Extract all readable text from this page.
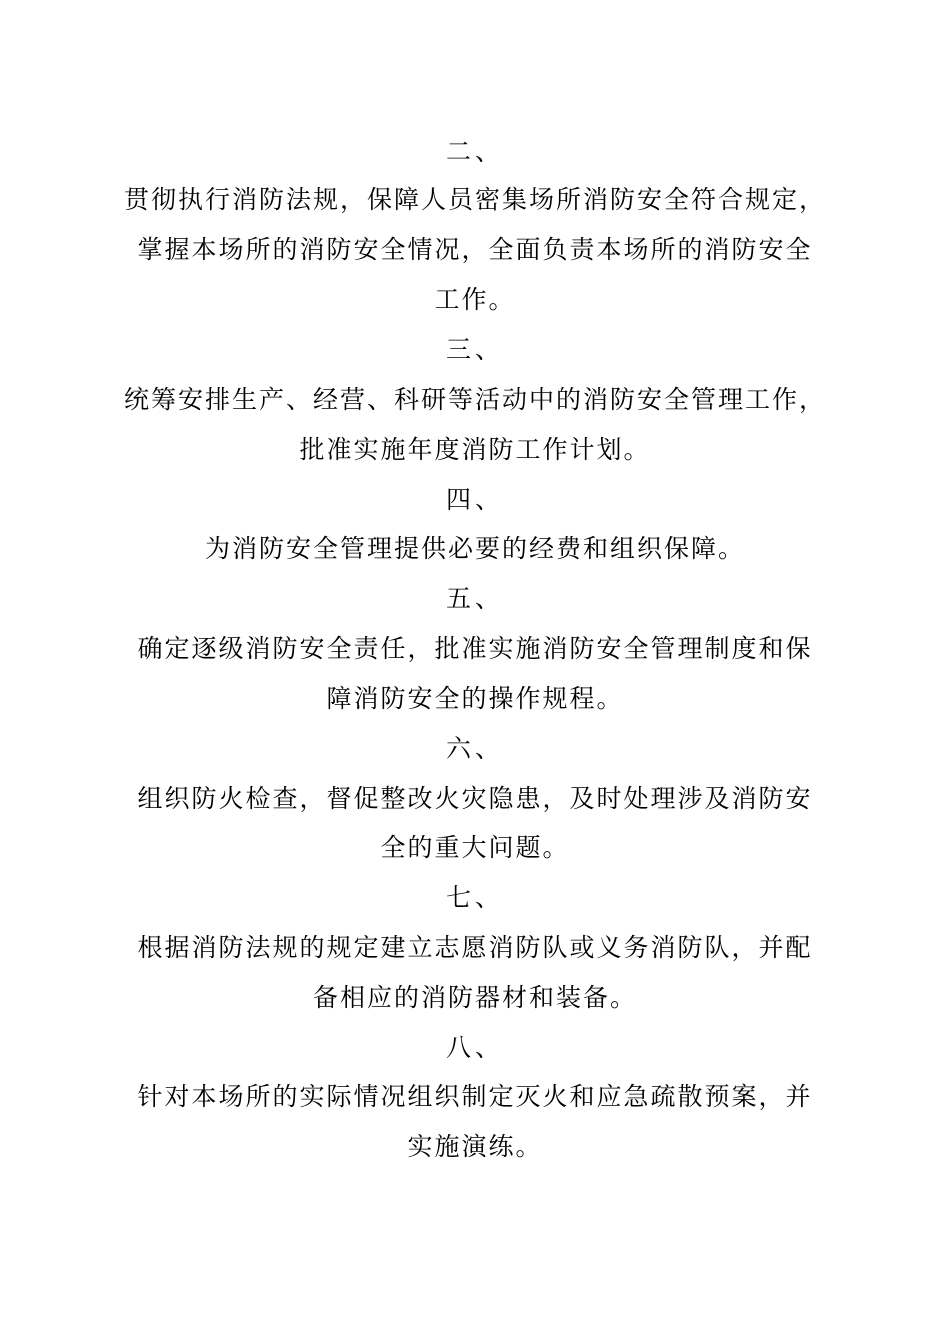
二、
贯彻执行消防法规，保障人员密集场所消防安全符合规定，
掌握本场所的消防安全情况，全面负责本场所的消防安全
工作。
三、
统筹安排生产、经营、科研等活动中的消防安全管理工作，
批准实施年度消防工作计划。
四、
为消防安全管理提供必要的经费和组织保障。
五、
确定逐级消防安全责任，批准实施消防安全管理制度和保
障消防安全的操作规程。
六、
组织防火检查，督促整改火灾隐患，及时处理涉及消防安
全的重大问题。
七、
根据消防法规的规定建立志愿消防队或义务消防队，并配
备相应的消防器材和装备。
八、
针对本场所的实际情况组织制定灭火和应急疏散预案，并
实施演练。
